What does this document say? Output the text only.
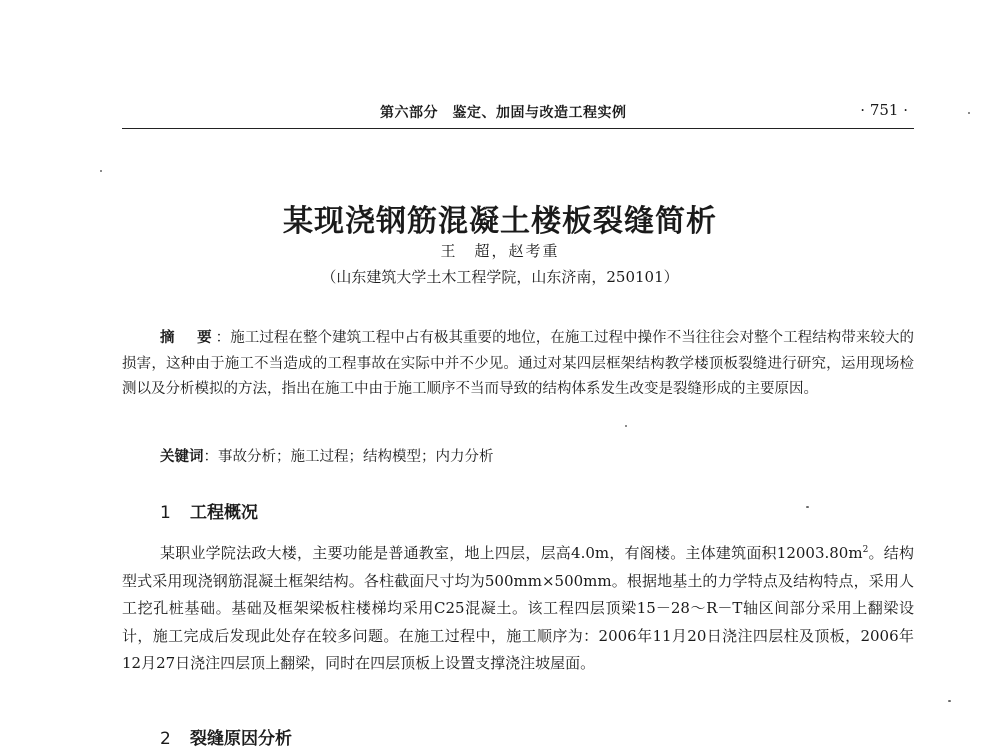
第六部分　鉴定、加固与改造工程实例	· 751 ·
某现浇钢筋混凝土楼板裂缝简析
王　超，赵考重
（山东建筑大学土木工程学院，山东济南，250101）
摘　要：施工过程在整个建筑工程中占有极其重要的地位，在施工过程中操作不当往往会对整个工程结构带来较大的损害，这种由于施工不当造成的工程事故在实际中并不少见。通过对某四层框架结构教学楼顶板裂缝进行研究，运用现场检测以及分析模拟的方法，指出在施工中由于施工顺序不当而导致的结构体系发生改变是裂缝形成的主要原因。
关键词：事故分析；施工过程；结构模型；内力分析
1 工程概况
某职业学院法政大楼，主要功能是普通教室，地上四层，层高4.0m，有阁楼。主体建筑面积$12003.80m^2$。结构型式采用现浇钢筋混凝土框架结构。各柱截面尺寸均为500mm×500mm。根据地基土的力学特点及结构特点，采用人工挖孔桩基础。基础及框架梁板柱楼梯均采用C25混凝土。该工程四层顶梁15－28～R－T轴区间部分采用上翻梁设计，施工完成后发现此处存在较多问题。在施工过程中，施工顺序为：2006年11月20日浇注四层柱及顶板，2006年12月27日浇注四层顶上翻梁，同时在四层顶板上设置支撑浇注坡屋面。
2 裂缝原因分析
